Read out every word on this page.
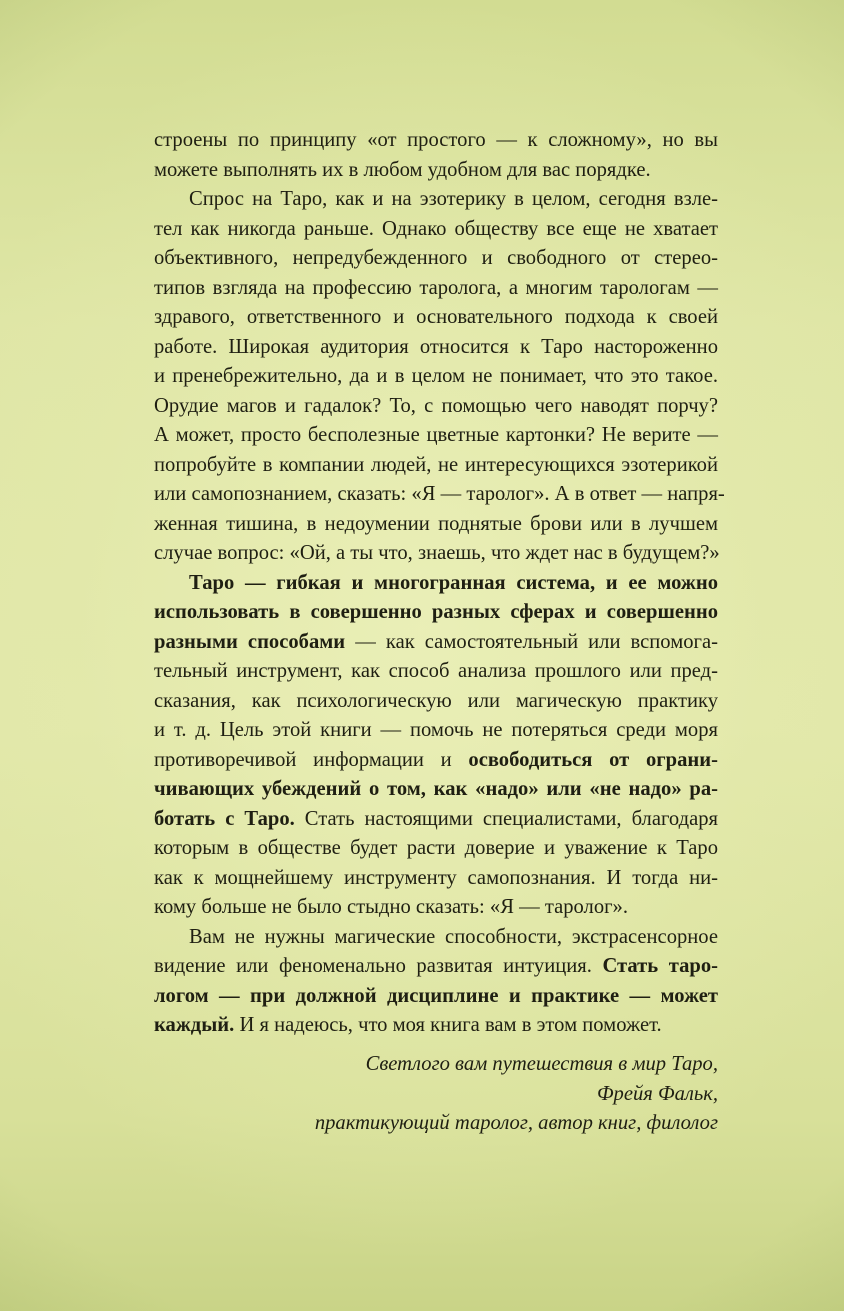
строены по принципу «от простого — к сложному», но вы
можете выполнять их в любом удобном для вас порядке.
Спрос на Таро, как и на эзотерику в целом, сегодня взле-
тел как никогда раньше. Однако обществу все еще не хватает
объективного, непредубежденного и свободного от стерео-
типов взгляда на профессию таролога, а многим тарологам —
здравого, ответственного и основательного подхода к своей
работе. Широкая аудитория относится к Таро настороженно
и пренебрежительно, да и в целом не понимает, что это такое.
Орудие магов и гадалок? То, с помощью чего наводят порчу?
А может, просто бесполезные цветные картонки? Не верите —
попробуйте в компании людей, не интересующихся эзотерикой
или самопознанием, сказать: «Я — таролог». А в ответ — напря-
женная тишина, в недоумении поднятые брови или в лучшем
случае вопрос: «Ой, а ты что, знаешь, что ждет нас в будущем?»
Таро — гибкая и многогранная система, и ее можно
использовать в совершенно разных сферах и совершенно
разными способами — как самостоятельный или вспомога-
тельный инструмент, как способ анализа прошлого или пред-
сказания, как психологическую или магическую практику
и т. д. Цель этой книги — помочь не потеряться среди моря
противоречивой информации и освободиться от ограни-
чивающих убеждений о том, как «надо» или «не надо» ра-
ботать с Таро. Стать настоящими специалистами, благодаря
которым в обществе будет расти доверие и уважение к Таро
как к мощнейшему инструменту самопознания. И тогда ни-
кому больше не было стыдно сказать: «Я — таролог».
Вам не нужны магические способности, экстрасенсорное
видение или феноменально развитая интуиция. Стать таро-
логом — при должной дисциплине и практике — может
каждый. И я надеюсь, что моя книга вам в этом поможет.
Светлого вам путешествия в мир Таро,
Фрейя Фальк,
практикующий таролог, автор книг, филолог
